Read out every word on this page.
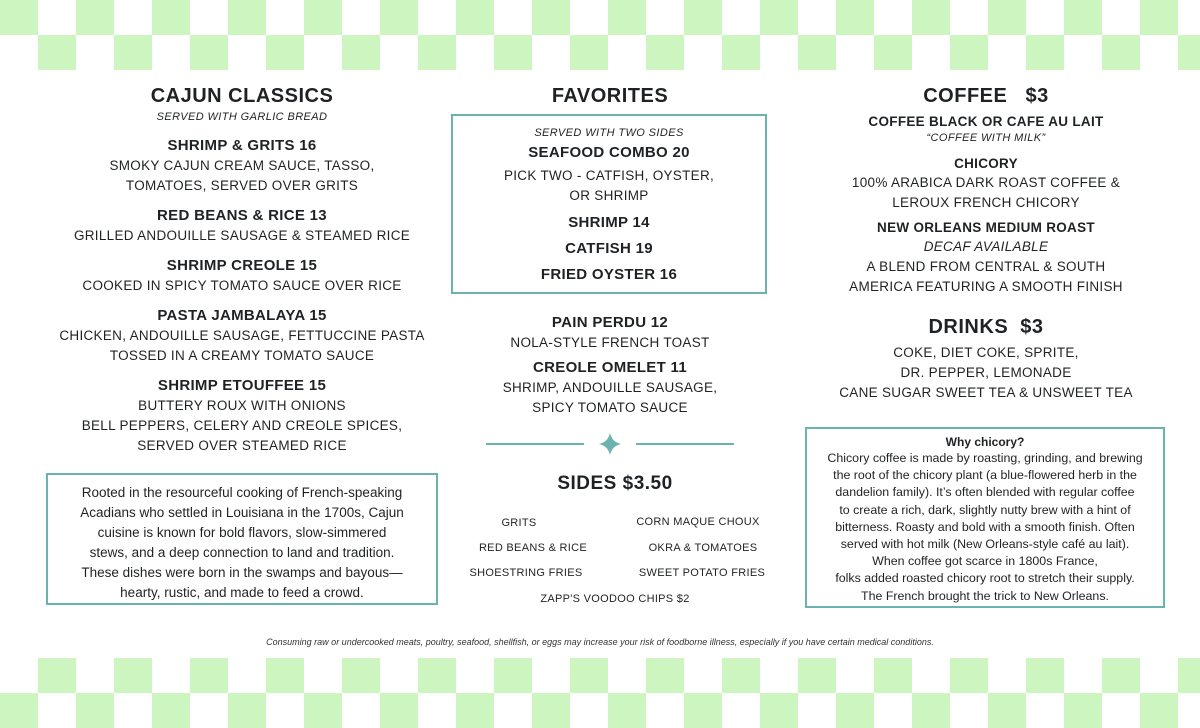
CAJUN CLASSICS
SERVED WITH GARLIC BREAD
SHRIMP & GRITS 16
SMOKY CAJUN CREAM SAUCE, TASSO,
TOMATOES, SERVED OVER GRITS
RED BEANS & RICE 13
GRILLED ANDOUILLE SAUSAGE & STEAMED RICE
SHRIMP CREOLE 15
COOKED IN SPICY TOMATO SAUCE OVER RICE
PASTA JAMBALAYA 15
CHICKEN, ANDOUILLE SAUSAGE, FETTUCCINE PASTA
TOSSED IN A CREAMY TOMATO SAUCE
SHRIMP ETOUFFEE 15
BUTTERY ROUX WITH ONIONS
BELL PEPPERS, CELERY AND CREOLE SPICES,
SERVED OVER STEAMED RICE
Rooted in the resourceful cooking of French-speaking
Acadians who settled in Louisiana in the 1700s, Cajun
cuisine is known for bold flavors, slow-simmered
stews, and a deep connection to land and tradition.
These dishes were born in the swamps and bayous—
hearty, rustic, and made to feed a crowd.
FAVORITES
SERVED WITH TWO SIDES
SEAFOOD COMBO 20
PICK TWO - CATFISH, OYSTER,
OR SHRIMP
SHRIMP 14
CATFISH 19
FRIED OYSTER 16
PAIN PERDU 12
NOLA-STYLE FRENCH TOAST
CREOLE OMELET 11
SHRIMP, ANDOUILLE SAUSAGE,
SPICY TOMATO SAUCE
SIDES $3.50
GRITS	CORN MAQUE CHOUX
RED BEANS & RICE	OKRA & TOMATOES
SHOESTRING FRIES	SWEET POTATO FRIES
ZAPP'S VOODOO CHIPS $2
COFFEE   $3
COFFEE BLACK OR CAFE AU LAIT
“COFFEE WITH MILK”
CHICORY
100% ARABICA DARK ROAST COFFEE &
LEROUX FRENCH CHICORY
NEW ORLEANS MEDIUM ROAST
DECAF AVAILABLE
A BLEND FROM CENTRAL & SOUTH
AMERICA FEATURING A SMOOTH FINISH
DRINKS  $3
COKE, DIET COKE, SPRITE,
DR. PEPPER, LEMONADE
CANE SUGAR SWEET TEA & UNSWEET TEA
Why chicory?
Chicory coffee is made by roasting, grinding, and brewing
the root of the chicory plant (a blue-flowered herb in the
dandelion family). It’s often blended with regular coffee
to create a rich, dark, slightly nutty brew with a hint of
bitterness. Roasty and bold with a smooth finish. Often
served with hot milk (New Orleans-style café au lait).
When coffee got scarce in 1800s France,
folks added roasted chicory root to stretch their supply.
The French brought the trick to New Orleans.
Consuming raw or undercooked meats, poultry, seafood, shellfish, or eggs may increase your risk of foodborne illness, especially if you have certain medical conditions.
